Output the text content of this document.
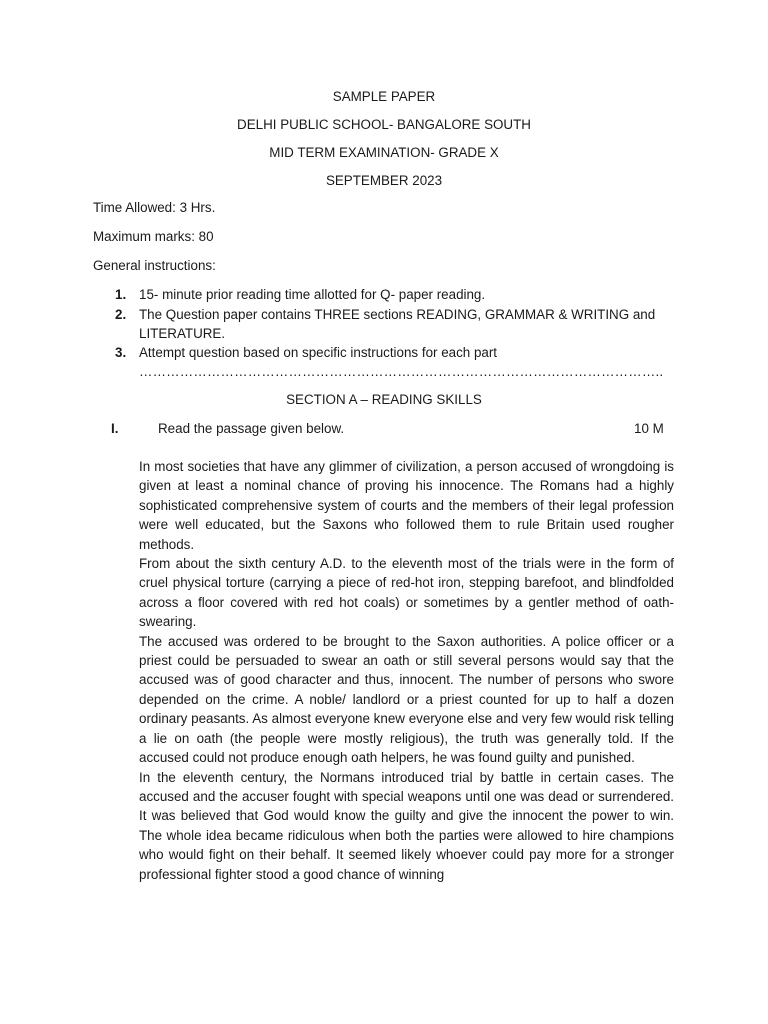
SAMPLE PAPER
DELHI PUBLIC SCHOOL- BANGALORE SOUTH
MID TERM EXAMINATION- GRADE X
SEPTEMBER 2023
Time Allowed: 3 Hrs.
Maximum marks: 80
General instructions:
1. 15- minute prior reading time allotted for Q- paper reading.
2. The Question paper contains THREE sections READING, GRAMMAR & WRITING and LITERATURE.
3. Attempt question based on specific instructions for each part
……………………………………………………………………………………………………..
SECTION A – READING SKILLS
I.	Read the passage given below.	10 M

In most societies that have any glimmer of civilization, a person accused of wrongdoing is given at least a nominal chance of proving his innocence. The Romans had a highly sophisticated comprehensive system of courts and the members of their legal profession were well educated, but the Saxons who followed them to rule Britain used rougher methods.

From about the sixth century A.D. to the eleventh most of the trials were in the form of cruel physical torture (carrying a piece of red-hot iron, stepping barefoot, and blindfolded across a floor covered with red hot coals) or sometimes by a gentler method of oath- swearing.

The accused was ordered to be brought to the Saxon authorities. A police officer or a priest could be persuaded to swear an oath or still several persons would say that the accused was of good character and thus, innocent. The number of persons who swore depended on the crime. A noble/ landlord or a priest counted for up to half a dozen ordinary peasants. As almost everyone knew everyone else and very few would risk telling a lie on oath (the people were mostly religious), the truth was generally told. If the accused could not produce enough oath helpers, he was found guilty and punished.

In the eleventh century, the Normans introduced trial by battle in certain cases. The accused and the accuser fought with special weapons until one was dead or surrendered. It was believed that God would know the guilty and give the innocent the power to win. The whole idea became ridiculous when both the parties were allowed to hire champions who would fight on their behalf. It seemed likely whoever could pay more for a stronger professional fighter stood a good chance of winning
